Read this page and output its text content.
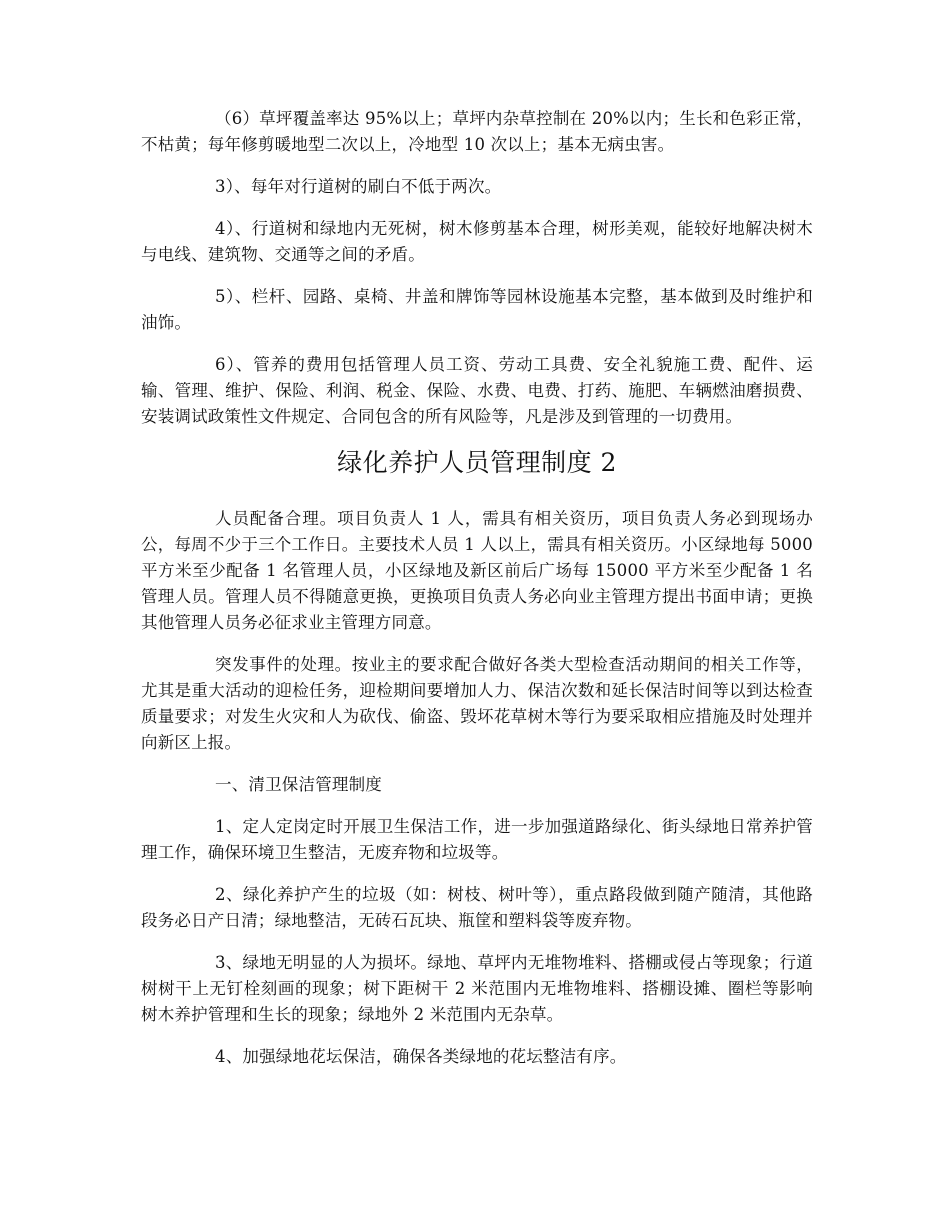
（6）草坪覆盖率达 95%以上；草坪内杂草控制在 20%以内；生长和色彩正常，不枯黄；每年修剪暖地型二次以上，冷地型 10 次以上；基本无病虫害。

3）、每年对行道树的刷白不低于两次。

4）、行道树和绿地内无死树，树木修剪基本合理，树形美观，能较好地解决树木与电线、建筑物、交通等之间的矛盾。

5）、栏杆、园路、桌椅、井盖和牌饰等园林设施基本完整，基本做到及时维护和油饰。

6）、管养的费用包括管理人员工资、劳动工具费、安全礼貌施工费、配件、运输、管理、维护、保险、利润、税金、保险、水费、电费、打药、施肥、车辆燃油磨损费、安装调试政策性文件规定、合同包含的所有风险等，凡是涉及到管理的一切费用。

绿化养护人员管理制度 2

人员配备合理。项目负责人 1 人，需具有相关资历，项目负责人务必到现场办公，每周不少于三个工作日。主要技术人员 1 人以上，需具有相关资历。小区绿地每 5000 平方米至少配备 1 名管理人员，小区绿地及新区前后广场每 15000 平方米至少配备 1 名管理人员。管理人员不得随意更换，更换项目负责人务必向业主管理方提出书面申请；更换其他管理人员务必征求业主管理方同意。

突发事件的处理。按业主的要求配合做好各类大型检查活动期间的相关工作等，尤其是重大活动的迎检任务，迎检期间要增加人力、保洁次数和延长保洁时间等以到达检查质量要求；对发生火灾和人为砍伐、偷盗、毁坏花草树木等行为要采取相应措施及时处理并向新区上报。

一、清卫保洁管理制度

1、定人定岗定时开展卫生保洁工作，进一步加强道路绿化、街头绿地日常养护管理工作，确保环境卫生整洁，无废弃物和垃圾等。

2、绿化养护产生的垃圾（如：树枝、树叶等），重点路段做到随产随清，其他路段务必日产日清；绿地整洁，无砖石瓦块、瓶筐和塑料袋等废弃物。

3、绿地无明显的人为损坏。绿地、草坪内无堆物堆料、搭棚或侵占等现象；行道树树干上无钉栓刻画的现象；树下距树干 2 米范围内无堆物堆料、搭棚设摊、圈栏等影响树木养护管理和生长的现象；绿地外 2 米范围内无杂草。

4、加强绿地花坛保洁，确保各类绿地的花坛整洁有序。
